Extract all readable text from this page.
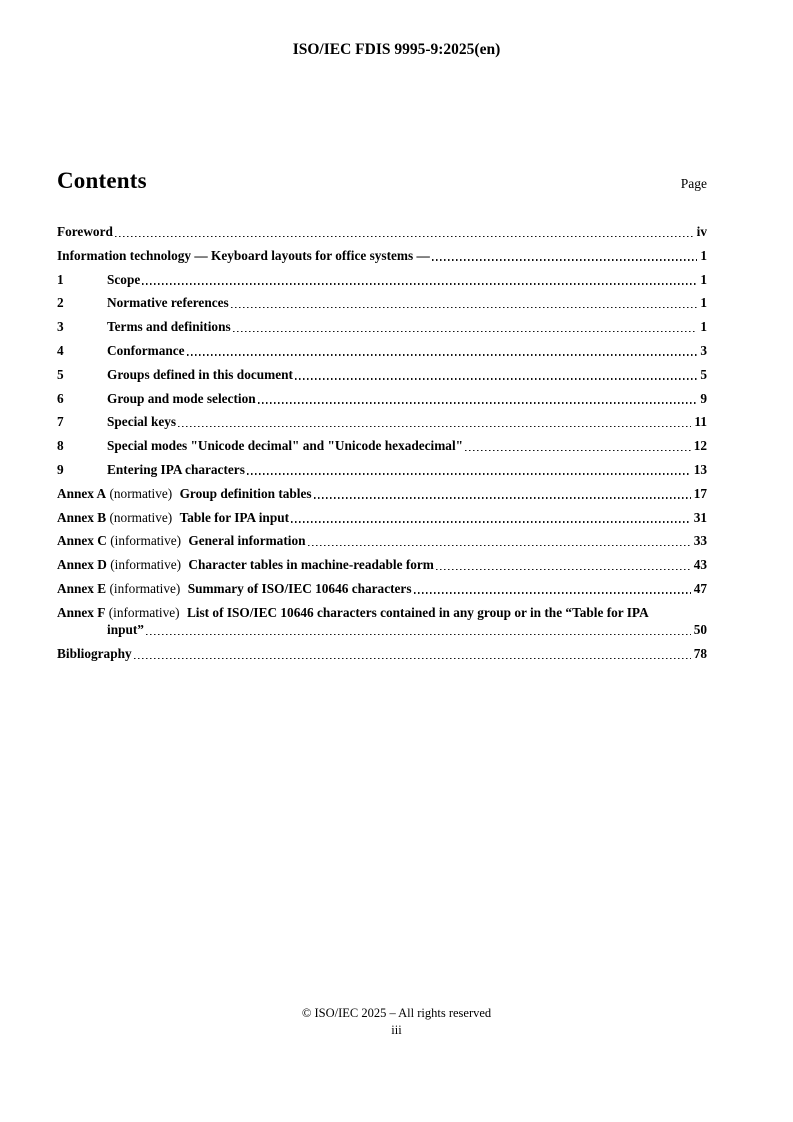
ISO/IEC FDIS 9995-9:2025(en)
Contents	Page
Foreword	iv
Information technology — Keyboard layouts for office systems —	1
1	Scope	1
2	Normative references	1
3	Terms and definitions	1
4	Conformance	3
5	Groups defined in this document	5
6	Group and mode selection	9
7	Special keys	11
8	Special modes "Unicode decimal" and "Unicode hexadecimal"	12
9	Entering IPA characters	13
Annex A (normative) Group definition tables	17
Annex B (normative) Table for IPA input	31
Annex C (informative) General information	33
Annex D (informative) Character tables in machine-readable form	43
Annex E (informative) Summary of ISO/IEC 10646 characters	47
Annex F (informative) List of ISO/IEC 10646 characters contained in any group or in the “Table for IPA
input”	50
Bibliography	78
© ISO/IEC 2025 – All rights reserved
iii
